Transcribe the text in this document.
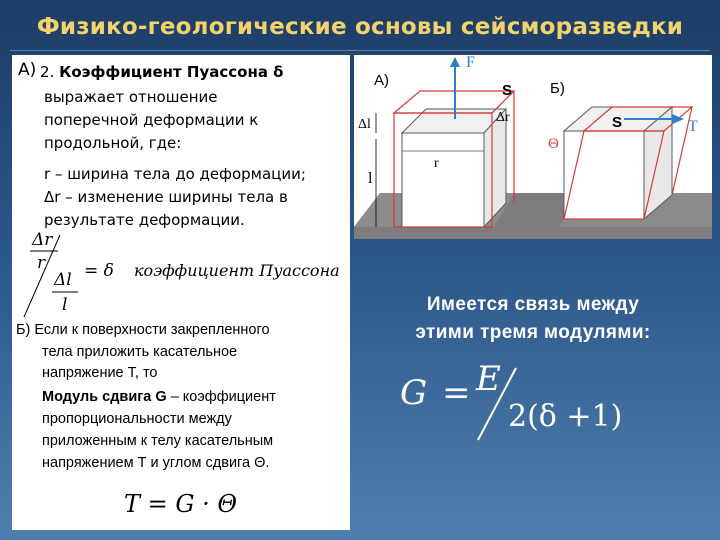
Физико-геологические основы сейсморазведки
А) 2. Коэффициент Пуассона δ
выражает отношение
поперечной деформации к
продольной, где:
r – ширина тела до деформации;
Δr – изменение ширины тела в
результате деформации.
Δr
r
Δl
l
= δ коэффициент Пуассона
Б) Если к поверхности закрепленного
тела приложить касательное
напряжение Т, то
Модуль сдвига G – коэффициент
пропорциональности между
приложенным к телу касательным
напряжением Т и углом сдвига Θ.
T = G · Θ
F
Δl
l
r
Δr
А)
S
T
Θ
Б)
S
Имеется связь между
этими тремя модулями:
G = E
2(δ +1)
